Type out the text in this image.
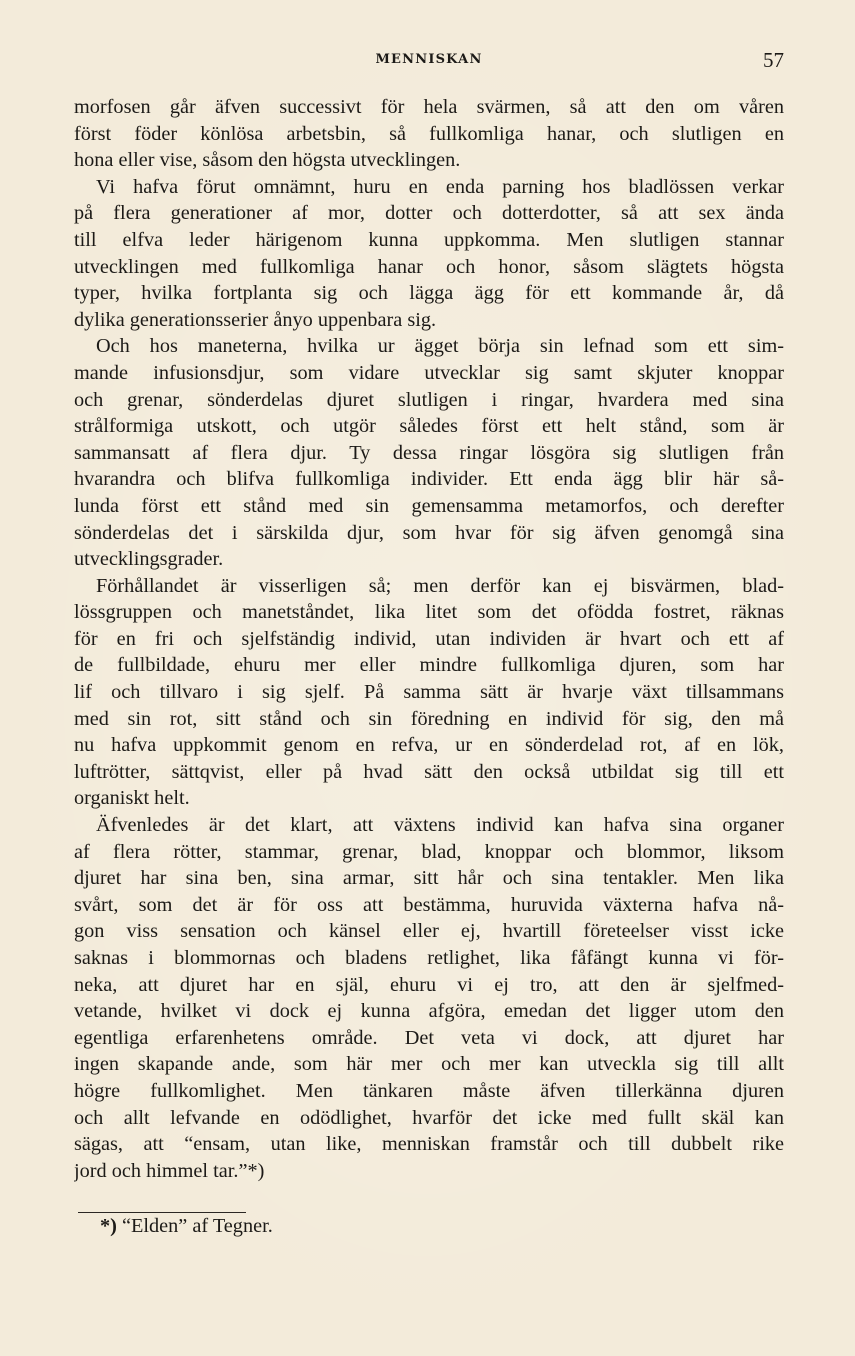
MENNISKAN	57
morfosen går äfven successivt för hela svärmen, så att den om våren
först föder könlösa arbetsbin, så fullkomliga hanar, och slutligen en
hona eller vise, såsom den högsta utvecklingen.
Vi hafva förut omnämnt, huru en enda parning hos bladlössen verkar
på flera generationer af mor, dotter och dotterdotter, så att sex ända
till elfva leder härigenom kunna uppkomma. Men slutligen stannar
utvecklingen med fullkomliga hanar och honor, såsom slägtets högsta
typer, hvilka fortplanta sig och lägga ägg för ett kommande år, då
dylika generationsserier ånyo uppenbara sig.
Och hos maneterna, hvilka ur ägget börja sin lefnad som ett sim-
mande infusionsdjur, som vidare utvecklar sig samt skjuter knoppar
och grenar, sönderdelas djuret slutligen i ringar, hvardera med sina
strålformiga utskott, och utgör således först ett helt stånd, som är
sammansatt af flera djur. Ty dessa ringar lösgöra sig slutligen från
hvarandra och blifva fullkomliga individer. Ett enda ägg blir här så-
lunda först ett stånd med sin gemensamma metamorfos, och derefter
sönderdelas det i särskilda djur, som hvar för sig äfven genomgå sina
utvecklingsgrader.
Förhållandet är visserligen så; men derför kan ej bisvärmen, blad-
lössgruppen och manetståndet, lika litet som det ofödda fostret, räknas
för en fri och sjelfständig individ, utan individen är hvart och ett af
de fullbildade, ehuru mer eller mindre fullkomliga djuren, som har
lif och tillvaro i sig sjelf. På samma sätt är hvarje växt tillsammans
med sin rot, sitt stånd och sin föredning en individ för sig, den må
nu hafva uppkommit genom en refva, ur en sönderdelad rot, af en lök,
luftrötter, sättqvist, eller på hvad sätt den också utbildat sig till ett
organiskt helt.
Äfvenledes är det klart, att växtens individ kan hafva sina organer
af flera rötter, stammar, grenar, blad, knoppar och blommor, liksom
djuret har sina ben, sina armar, sitt hår och sina tentakler. Men lika
svårt, som det är för oss att bestämma, huruvida växterna hafva nå-
gon viss sensation och känsel eller ej, hvartill företeelser visst icke
saknas i blommornas och bladens retlighet, lika fåfängt kunna vi för-
neka, att djuret har en själ, ehuru vi ej tro, att den är sjelfmed-
vetande, hvilket vi dock ej kunna afgöra, emedan det ligger utom den
egentliga erfarenhetens område. Det veta vi dock, att djuret har
ingen skapande ande, som här mer och mer kan utveckla sig till allt
högre fullkomlighet. Men tänkaren måste äfven tillerkänna djuren
och allt lefvande en odödlighet, hvarför det icke med fullt skäl kan
sägas, att “ensam, utan like, menniskan framstår och till dubbelt rike
jord och himmel tar.”*)
*) “Elden” af Tegner.
